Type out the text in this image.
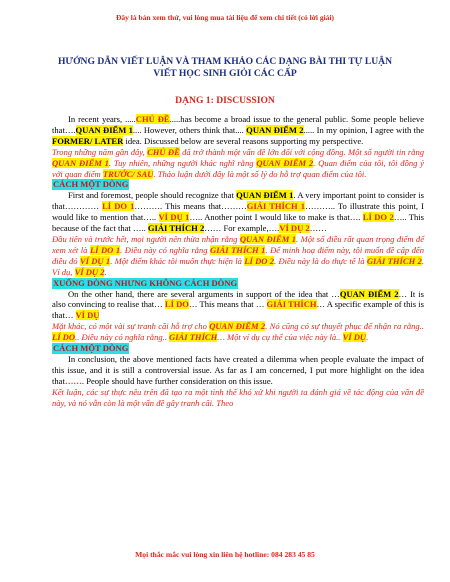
Đây là bản xem thử, vui lòng mua tài liệu để xem chi tiết (có lời giải)
HƯỚNG DẪN VIẾT LUẬN VÀ THAM KHẢO CÁC DẠNG BÀI THI TỰ LUẬN
VIẾT HỌC SINH GIỎI CÁC CẤP
DẠNG 1: DISCUSSION

In recent years, .....CHỦ ĐỀ.....has become a broad issue to the general public. Some people believe that….QUAN ĐIỂM 1.... However, others think that.... QUAN ĐIỂM 2..... In my opinion, I agree with the FORMER/ LATER idea. Discussed below are several reasons supporting my perspective.

Trong những năm gần đây, CHỦ ĐỀ đã trở thành một vấn đề lớn đối với cộng đồng. Một số người tin rằng QUAN ĐIỂM 1. Tuy nhiên, những người khác nghĩ rằng QUAN ĐIỂM 2. Quan điểm của tôi, tôi đồng ý với quan điểm TRƯỚC/ SAU. Thảo luận dưới đây là một số lý do hỗ trợ quan điểm của tôi.

CÁCH MỘT DÒNG

First and foremost, people should recognize that QUAN ĐIỂM 1. A very important point to consider is that………… LÍ DO 1………. This means that………GIẢI THÍCH 1……….. To illustrate this point, I would like to mention that….. VÍ DỤ 1….. Another point I would like to make is that…. LÍ DO 2….. This because of the fact that ….. GIẢI THÍCH 2…… For example,….VÍ DỤ 2……

Đầu tiên và trước hết, mọi người nên thừa nhận rằng QUAN ĐIỂM 1. Một số điều rất quan trọng điểm để xem xét là LÍ DO 1. Điều này có nghĩa rằng GIẢI THÍCH 1. Để minh hoạ điểm này, tôi muốn đề cập đến điều đó VÍ DỤ 1. Một điểm khác tôi muốn thực hiện là LÍ DO 2. Điều này là do thực tế là GIẢI THÍCH 2. Ví dụ, VÍ DỤ 2.

XUỐNG DÒNG NHƯNG KHÔNG CÁCH DÒNG

On the other hand, there are several arguments in support of the idea that …QUAN ĐIỂM 2… It is also convincing to realise that… LÍ DO… This means that … GIẢI THÍCH… A specific example of this is that… VÍ DỤ

Mặt khác, có một vài sự tranh cãi hỗ trợ cho QUAN ĐIỂM 2. Nó cũng có sự thuyết phục để nhận ra rằng.. LÍ DO.. Điều này có nghĩa rằng.. GIẢI THÍCH… Một ví dụ cụ thể của việc này là.. VÍ DỤ.

CÁCH MỘT DÒNG

In conclusion, the above mentioned facts have created a dilemma when people evaluate the impact of this issue, and it is still a controversial issue. As far as I am concerned, I put more highlight on the idea that……. People should have further consideration on this issue.

Kết luận, các sự thực nêu trên đã tạo ra một tình thế khó xử khi người ta đánh giá về tác động của vấn đề này, và nó vẫn còn là một vấn đề gây tranh cãi. Theo

Mọi thắc mắc vui lòng xin liên hệ hotline: 084 283 45 85
